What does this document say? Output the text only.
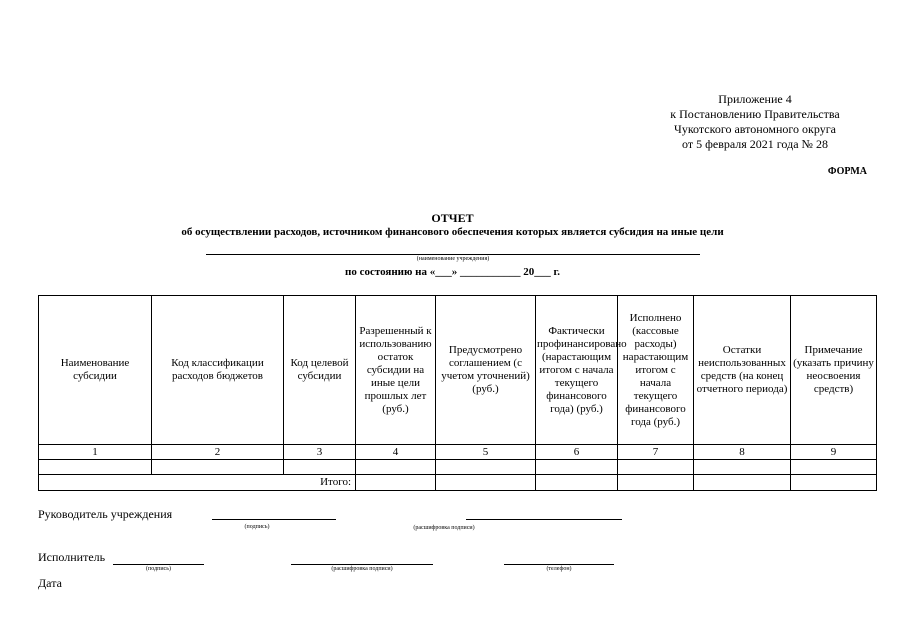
Приложение 4
к Постановлению Правительства
Чукотского автономного округа
от 5 февраля 2021 года № 28
ФОРМА
ОТЧЕТ
об осуществлении расходов, источником финансового обеспечения которых является субсидия на иные цели
(наименование учреждения)
по состоянию на «___» ___________ 20___ г.
Наименование субсидии	Код классификации расходов бюджетов	Код целевой субсидии	Разрешенный к использованию остаток субсидии на иные цели прошлых лет (руб.)	Предусмотрено соглашением (с учетом уточнений) (руб.)	Фактически профинансировано (нарастающим итогом с начала текущего финансового года) (руб.)	Исполнено (кассовые расходы) нарастающим итогом с начала текущего финансового года (руб.)	Остатки неиспользованных средств (на конец отчетного периода)	Примечание (указать причину неосвоения средств)
1	2	3	4	5	6	7	8	9

Итого:								
Руководитель учреждения
(подпись)	(расшифровка подписи)
Исполнитель
(подпись)	(расшифровка подписи)	(телефон)
Дата
